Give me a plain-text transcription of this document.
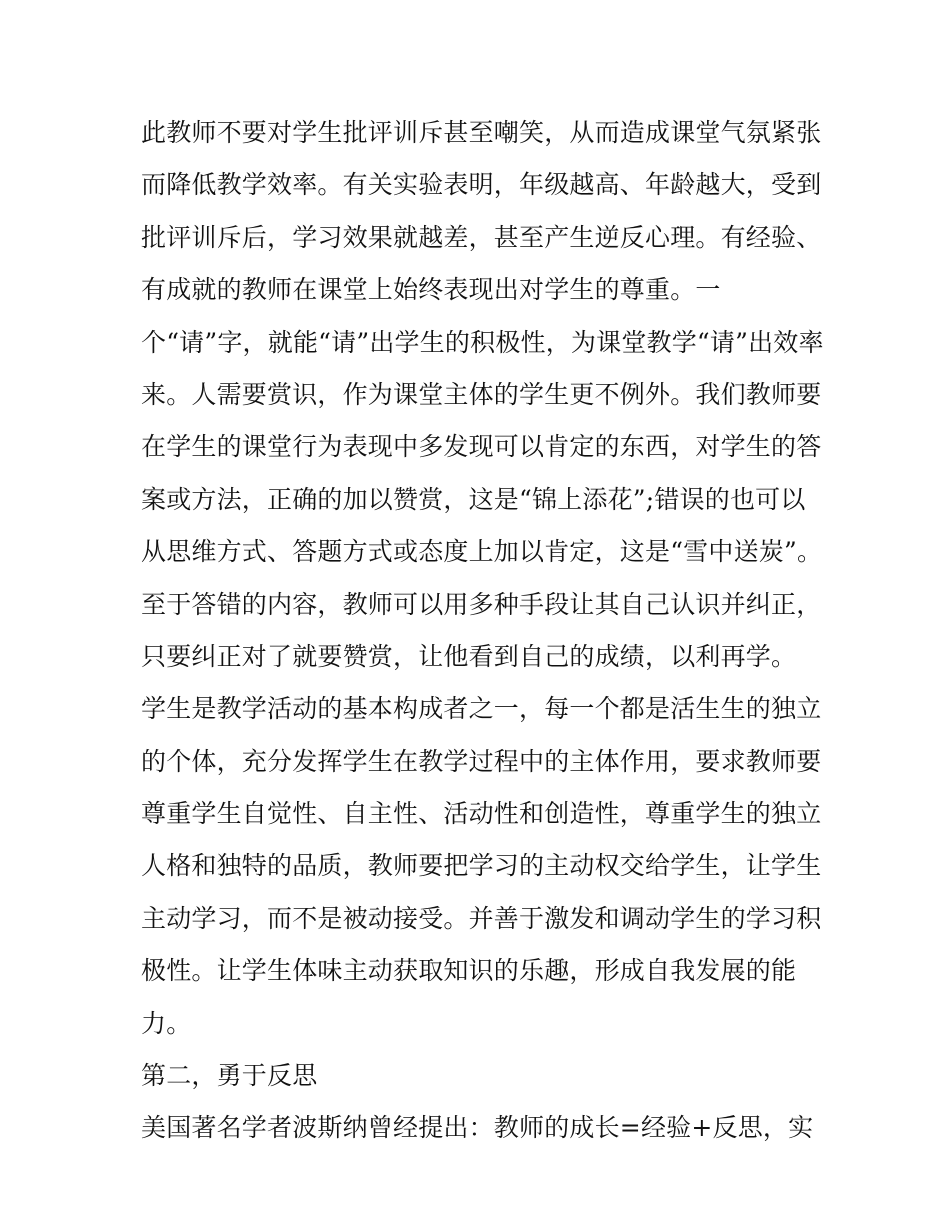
此教师不要对学生批评训斥甚至嘲笑，从而造成课堂气氛紧张
而降低教学效率。有关实验表明，年级越高、年龄越大，受到
批评训斥后，学习效果就越差，甚至产生逆反心理。有经验、
有成就的教师在课堂上始终表现出对学生的尊重。一
个“请”字，就能“请”出学生的积极性，为课堂教学“请”出效率
来。人需要赏识，作为课堂主体的学生更不例外。我们教师要
在学生的课堂行为表现中多发现可以肯定的东西，对学生的答
案或方法，正确的加以赞赏，这是“锦上添花”;错误的也可以
从思维方式、答题方式或态度上加以肯定，这是“雪中送炭”。
至于答错的内容，教师可以用多种手段让其自己认识并纠正，
只要纠正对了就要赞赏，让他看到自己的成绩，以利再学。
学生是教学活动的基本构成者之一，每一个都是活生生的独立
的个体，充分发挥学生在教学过程中的主体作用，要求教师要
尊重学生自觉性、自主性、活动性和创造性，尊重学生的独立
人格和独特的品质，教师要把学习的主动权交给学生，让学生
主动学习，而不是被动接受。并善于激发和调动学生的学习积
极性。让学生体味主动获取知识的乐趣，形成自我发展的能
力。
第二，勇于反思
美国著名学者波斯纳曾经提出：教师的成长=经验+反思，实
